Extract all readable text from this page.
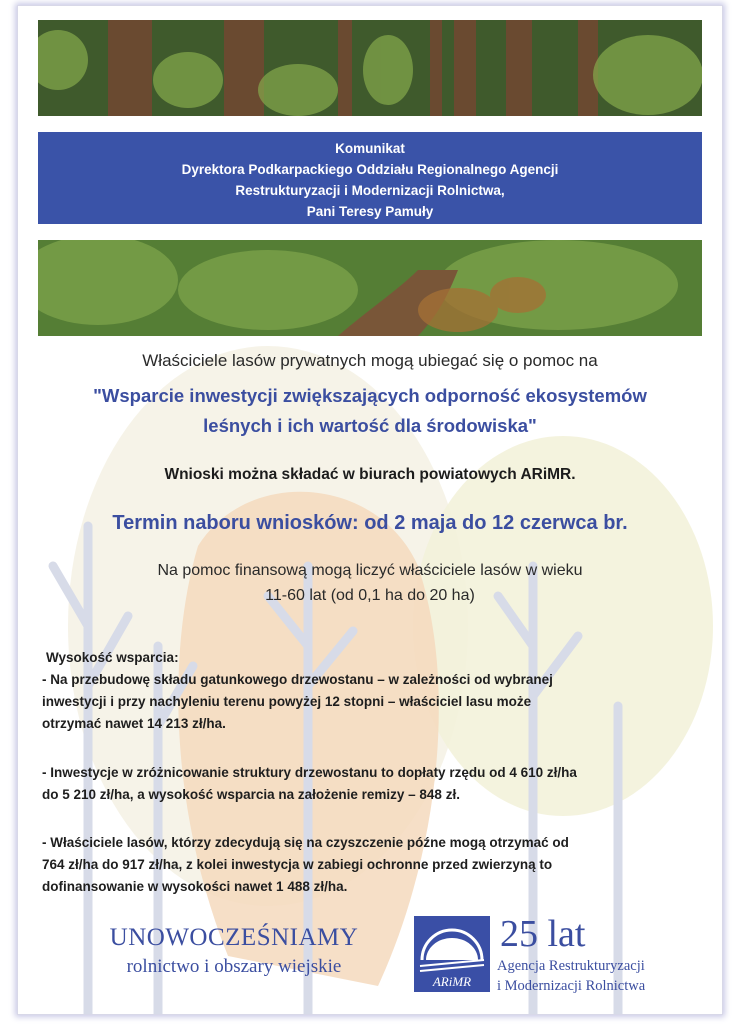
Komunikat
Dyrektora Podkarpackiego Oddziału Regionalnego Agencji
Restrukturyzacji i Modernizacji Rolnictwa,
Pani Teresy Pamuły
Właściciele lasów prywatnych mogą ubiegać się o pomoc na
"Wsparcie inwestycji zwiększających odporność ekosystemów
leśnych i ich wartość dla środowiska"
Wnioski można składać w biurach powiatowych ARiMR.
Termin naboru wniosków: od 2 maja do 12 czerwca br.
Na pomoc finansową mogą liczyć właściciele lasów w wieku
11-60 lat (od 0,1 ha do 20 ha)
Wysokość wsparcia:
- Na przebudowę składu gatunkowego drzewostanu – w zależności od wybranej
inwestycji i przy nachyleniu terenu powyżej 12 stopni – właściciel lasu może
otrzymać nawet 14 213 zł/ha.
- Inwestycje w zróżnicowanie struktury drzewostanu to dopłaty rzędu od 4 610 zł/ha
do 5 210 zł/ha, a wysokość wsparcia na założenie remizy – 848 zł.
- Właściciele lasów, którzy zdecydują się na czyszczenie późne mogą otrzymać od
764 zł/ha do 917 zł/ha, z kolei inwestycja w zabiegi ochronne przed zwierzyną to
dofinansowanie w wysokości nawet 1 488 zł/ha.
UNOWOCZEŚNIAMY
rolnictwo i obszary wiejskie
ARiMR
25 lat
Agencja Restrukturyzacji
i Modernizacji Rolnictwa
